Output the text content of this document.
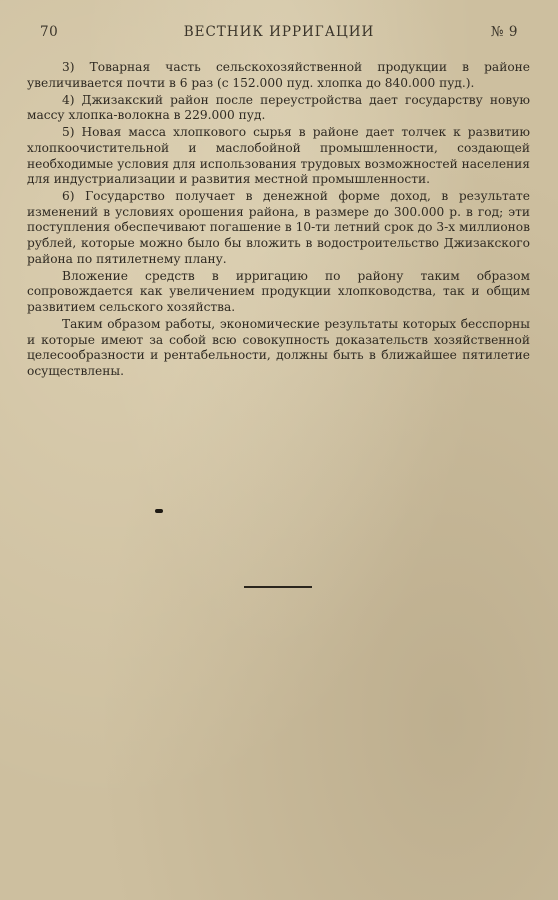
70	ВЕСТНИК ИРРИГАЦИИ	№ 9

3) Товарная часть сельскохозяйственной продукции в районе увеличивается почти в 6 раз (с 152.000 пуд. хлопка до 840.000 пуд.).

4) Джизакский район после переустройства дает государству новую массу хлопка-волокна в 229.000 пуд.

5) Новая масса хлопкового сырья в районе дает толчек к развитию хлопкоочистительной и маслобойной промышленности, создающей необходимые условия для использования трудовых возможностей населения для индустриализации и развития местной промышленности.

6) Государство получает в денежной форме доход, в результате изменений в условиях орошения района, в размере до 300.000 р. в год; эти поступления обеспечивают погашение в 10-ти летний срок до 3-х миллионов рублей, которые можно было бы вложить в водостроительство Джизакского района по пятилетнему плану.

Вложение средств в ирригацию по району таким образом сопровождается как увеличением продукции хлопководства, так и общим развитием сельского хозяйства.

Таким образом работы, экономические результаты которых бесспорны и которые имеют за собой всю совокупность доказательств хозяйственной целесообразности и рентабельности, должны быть в ближайшее пятилетие осуществлены.
